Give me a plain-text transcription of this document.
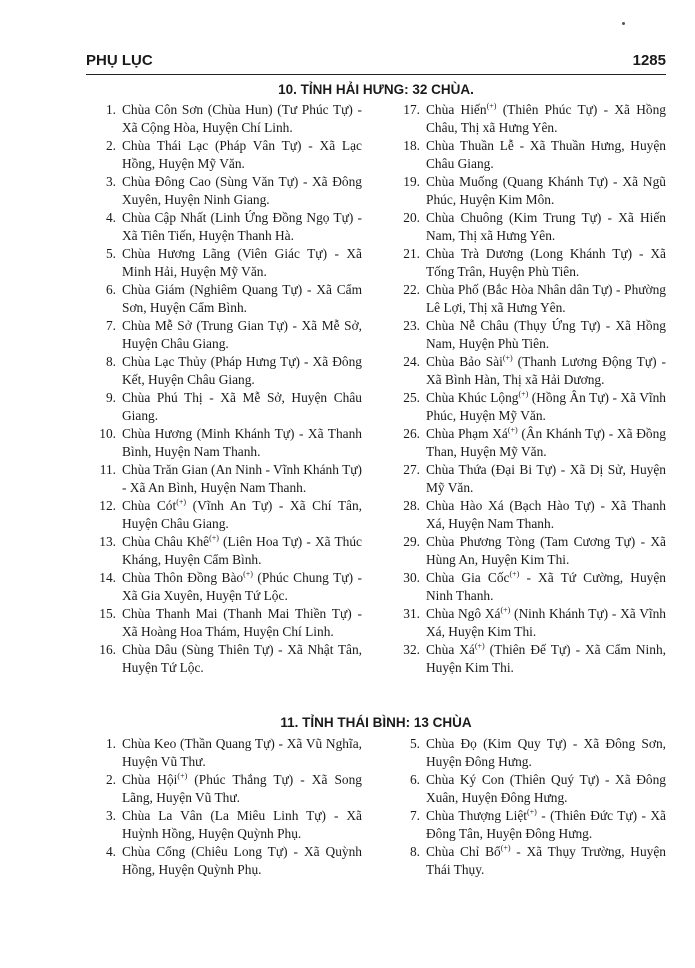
PHỤ LỤC	1285
10. TỈNH HẢI HƯNG: 32 CHÙA.
1. Chùa Côn Sơn (Chùa Hun) (Tư Phúc Tự) - Xã Cộng Hòa, Huyện Chí Linh.
2. Chùa Thái Lạc (Pháp Vân Tự) - Xã Lạc Hồng, Huyện Mỹ Văn.
3. Chùa Đông Cao (Sùng Văn Tự) - Xã Đông Xuyên, Huyện Ninh Giang.
4. Chùa Cập Nhất (Linh Ứng Đồng Ngọ Tự) - Xã Tiên Tiến, Huyện Thanh Hà.
5. Chùa Hương Lãng (Viên Giác Tự) - Xã Minh Hải, Huyện Mỹ Văn.
6. Chùa Giám (Nghiêm Quang Tự) - Xã Cẩm Sơn, Huyện Cẩm Bình.
7. Chùa Mễ Sở (Trung Gian Tự) - Xã Mễ Sở, Huyện Châu Giang.
8. Chùa Lạc Thủy (Pháp Hưng Tự) - Xã Đông Kết, Huyện Châu Giang.
9. Chùa Phú Thị - Xã Mễ Sở, Huyện Châu Giang.
10. Chùa Hương (Minh Khánh Tự) - Xã Thanh Bình, Huyện Nam Thanh.
11. Chùa Trăn Gian (An Ninh - Vĩnh Khánh Tự) - Xã An Bình, Huyện Nam Thanh.
12. Chùa Cót(+) (Vĩnh An Tự) - Xã Chí Tân, Huyện Châu Giang.
13. Chùa Châu Khê(+) (Liên Hoa Tự) - Xã Thúc Kháng, Huyện Cẩm Bình.
14. Chùa Thôn Đồng Bào(+) (Phúc Chung Tự) - Xã Gia Xuyên, Huyện Tứ Lộc.
15. Chùa Thanh Mai (Thanh Mai Thiền Tự) - Xã Hoàng Hoa Thám, Huyện Chí Linh.
16. Chùa Dâu (Sùng Thiên Tự) - Xã Nhật Tân, Huyện Tứ Lộc.
17. Chùa Hiến(+) (Thiên Phúc Tự) - Xã Hồng Châu, Thị xã Hưng Yên.
18. Chùa Thuần Lễ - Xã Thuần Hưng, Huyện Châu Giang.
19. Chùa Muống (Quang Khánh Tự) - Xã Ngũ Phúc, Huyện Kim Môn.
20. Chùa Chuông (Kim Trung Tự) - Xã Hiến Nam, Thị xã Hưng Yên.
21. Chùa Trà Dương (Long Khánh Tự) - Xã Tống Trân, Huyện Phù Tiên.
22. Chùa Phố (Bắc Hòa Nhân dân Tự) - Phường Lê Lợi, Thị xã Hưng Yên.
23. Chùa Nễ Châu (Thụy Ứng Tự) - Xã Hồng Nam, Huyện Phù Tiên.
24. Chùa Bảo Sài(+) (Thanh Lương Động Tự) - Xã Bình Hàn, Thị xã Hải Dương.
25. Chùa Khúc Lộng(+) (Hồng Ân Tự) - Xã Vĩnh Phúc, Huyện Mỹ Văn.
26. Chùa Phạm Xá(+) (Ân Khánh Tự) - Xã Đồng Than, Huyện Mỹ Văn.
27. Chùa Thứa (Đại Bi Tự) - Xã Dị Sử, Huyện Mỹ Văn.
28. Chùa Hào Xá (Bạch Hào Tự) - Xã Thanh Xá, Huyện Nam Thanh.
29. Chùa Phương Tòng (Tam Cương Tự) - Xã Hùng An, Huyện Kim Thi.
30. Chùa Gia Cốc(+) - Xã Tứ Cường, Huyện Ninh Thanh.
31. Chùa Ngô Xá(+) (Ninh Khánh Tự) - Xã Vĩnh Xá, Huyện Kim Thi.
32. Chùa Xá(+) (Thiên Đế Tự) - Xã Cẩm Ninh, Huyện Kim Thi.
11. TỈNH THÁI BÌNH: 13 CHÙA
1. Chùa Keo (Thần Quang Tự) - Xã Vũ Nghĩa, Huyện Vũ Thư.
2. Chùa Hội(+) (Phúc Thắng Tự) - Xã Song Lãng, Huyện Vũ Thư.
3. Chùa La Vân (La Miêu Linh Tự) - Xã Huỳnh Hồng, Huyện Quỳnh Phụ.
4. Chùa Cổng (Chiêu Long Tự) - Xã Quỳnh Hồng, Huyện Quỳnh Phụ.
5. Chùa Đọ (Kim Quy Tự) - Xã Đông Sơn, Huyện Đông Hưng.
6. Chùa Ký Con (Thiên Quý Tự) - Xã Đông Xuân, Huyện Đông Hưng.
7. Chùa Thượng Liệt(+) - (Thiên Đức Tự) - Xã Đông Tân, Huyện Đông Hưng.
8. Chùa Chỉ Bổ(+) - Xã Thụy Trường, Huyện Thái Thụy.
